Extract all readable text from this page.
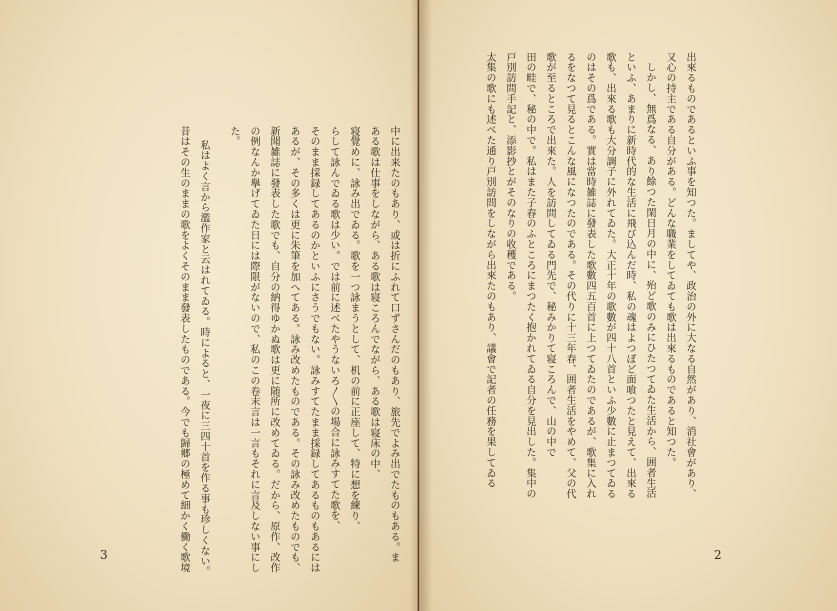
中に出来たのもあり、或は折にふれて口ずさんだのもあり、旅先でよみ出でたものもある。ま
ある歌は仕事をしながら、ある歌は寝ころんでながら、ある歌は寝床の中、
寝覺めに、詠み出でゐる。歌を一つ詠まうとして、机の前に正座して、特に想を練り、
らして詠んでゐる歌は少い。では前に述べたやうないろ〳〵の場合に詠みすてた歌を、
そのまま採録してあるのかといふにさうでもない。詠みすてたまま採録してあるものもあるには
あるが、その多くは更に朱筆を加へてある。詠み改めたものである。その詠み改めたものでも、
新聞雑誌に發表した歌でも、自分の納得ゆかぬ歌は更に随所に改めてゐる。だから、原作、改作
の例なんか擧げてゐた日には際限がないので、私のこの卷末言は一言もそれに言及しない事にし
た。
私はよく言から濫作家と云はれてゐる。時によると、一夜に三四十首を作る事も珍しくない。
昔はその生のままの歌をよくそのまま發表したものである。今でも歸郷の極めて細かく働く歌境
3
出來るものであるといふ事を知つた。ましてや、政治の外に大なる自然があり、消社會があり、
又心の持主である自分がある。どんな職業をしてゐても歌は出來るものであると知つた。
しかし、無爲なる、あり餘つた閑日月の中に、殆ど歌のみにひたつてゐた生活から、囲者生活
といふ、あまりに新時代的な生活に飛び込んだ時、私の魂はよつぽど面喰つたと見えて、出來る
歌も、出來る歌も大分調子に外れてゐた。大正十年の歌數が四十八首といふ少數に止まつてゐる
のはその爲である。實は當時雑誌に發表した歌數四五百首に上つてゐたのであるが、歌集に入れ
るをなつて見るとこんな風になつたのである。その代りに十三年春、囲者生活をやめて、父の代
歌が至るところで出來た。人を訪問してゐる門先で、秘みかりて寝ころんで、山の中で
田の畦で、秘の中で。私はまた子舂のふところにまつたく抱かれてゐる自分を見出した。集中の
戸別訪問手記と、添影抄とがそのなりの收穫である。
太集の歌にも述べた通り戸別訪問をしながら出來たのもあり、議會で記者の任務を果してゐる
2
